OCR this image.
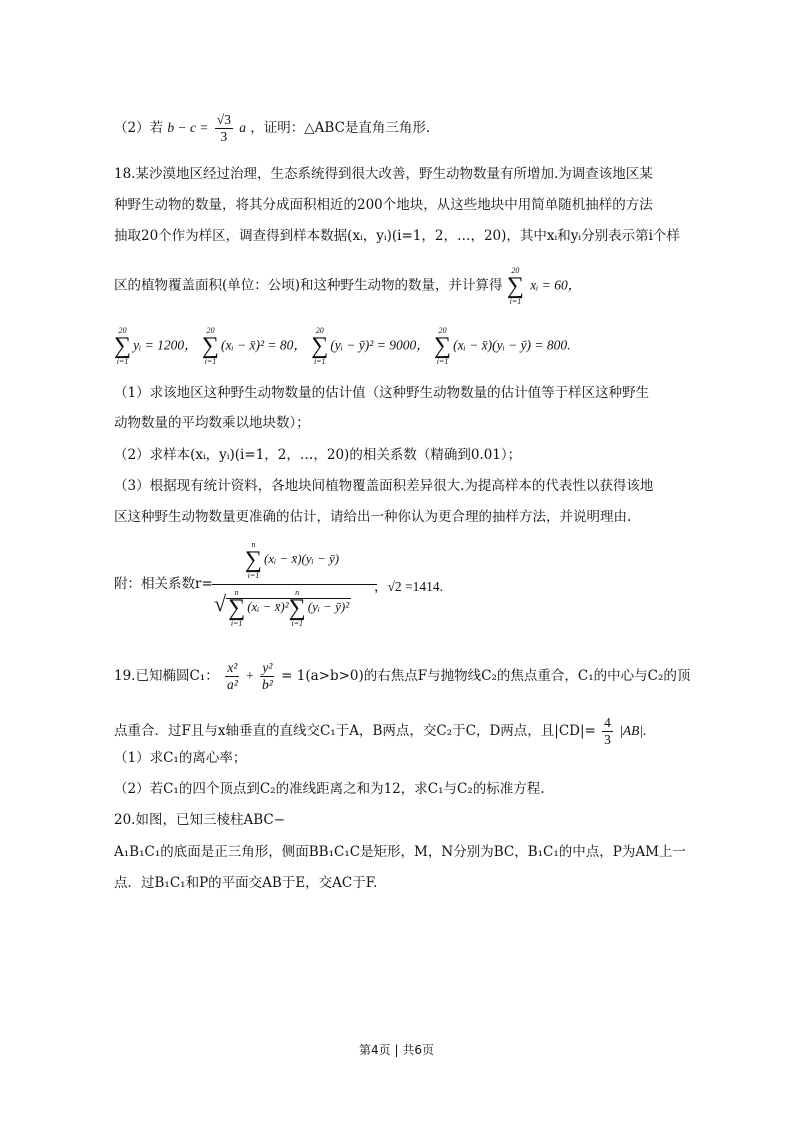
（2）若 $b - c = \frac{√3}{3}$ a ，证明：△ABC是直角三角形.
18.某沙漠地区经过治理，生态系统得到很大改善，野生动物数量有所增加.为调查该地区某
种野生动物的数量，将其分成面积相近的200个地块，从这些地块中用简单随机抽样的方法
抽取20个作为样区，调查得到样本数据(xᵢ，yᵢ)(i=1，2，…，20)，其中xᵢ和yᵢ分别表示第i个样
区的植物覆盖面积(单位：公顷)和这种野生动物的数量，并计算得
20
∑
i=1
xᵢ = 60，
20
∑
i=1
yᵢ = 1200，
20
∑
i=1
(xᵢ − x̄)² = 80，
20
∑
i=1
(yᵢ − ȳ)² = 9000，
20
∑
i=1
(xᵢ − x̄)(yᵢ − ȳ) = 800.
（1）求该地区这种野生动物数量的估计值（这种野生动物数量的估计值等于样区这种野生
动物数量的平均数乘以地块数）；
（2）求样本(xᵢ，yᵢ)(i=1，2，…，20)的相关系数（精确到0.01）；
（3）根据现有统计资料，各地块间植物覆盖面积差异很大.为提高样本的代表性以获得该地
区这种野生动物数量更准确的估计，请给出一种你认为更合理的抽样方法，并说明理由.
附：相关系数r=
n
∑
i=1
(xᵢ − x̄)(yᵢ − ȳ)
√ n
∑
i=1
(xᵢ − x̄)²
n
∑
i=1
(yᵢ − ȳ)²
，√2 =1414.
19.已知椭圆C₁： $\frac{\text{x²}}{\text{a²}} + \frac{\text{y²}}{\text{b²}} = 1(a>b>0)$的右焦点F与抛物线C₂的焦点重合，C₁的中心与C₂的顶
点重合．过F且与x轴垂直的直线交C₁于A，B两点，交C₂于C，D两点，且$|CD|= \frac{4}{3} |AB|$.
（1）求C₁的离心率；
（2）若C₁的四个顶点到C₂的准线距离之和为12，求C₁与C₂的标准方程.
20.如图，已知三棱柱ABC−
A₁B₁C₁的底面是正三角形，侧面BB₁C₁C是矩形，M，N分别为BC，B₁C₁的中点，P为AM上一
点．过B₁C₁和P的平面交AB于E，交AC于F.
第4页 | 共6页
